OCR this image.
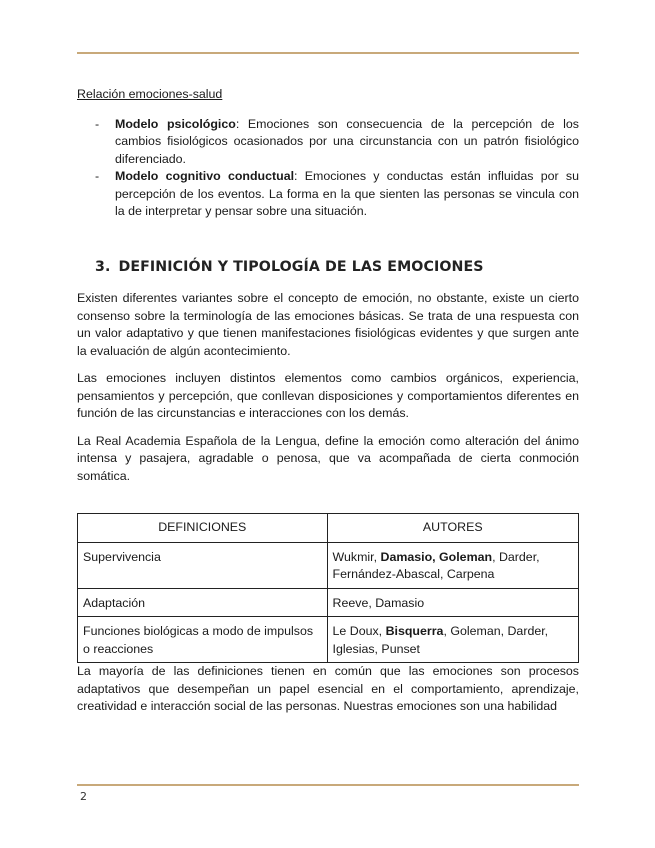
Relación emociones-salud

- Modelo psicológico: Emociones son consecuencia de la percepción de los cambios fisiológicos ocasionados por una circunstancia con un patrón fisiológico diferenciado.
- Modelo cognitivo conductual: Emociones y conductas están influidas por su percepción de los eventos. La forma en la que sienten las personas se vincula con la de interpretar y pensar sobre una situación.
3. DEFINICIÓN Y TIPOLOGÍA DE LAS EMOCIONES

Existen diferentes variantes sobre el concepto de emoción, no obstante, existe un cierto consenso sobre la terminología de las emociones básicas. Se trata de una respuesta con un valor adaptativo y que tienen manifestaciones fisiológicas evidentes y que surgen ante la evaluación de algún acontecimiento.

Las emociones incluyen distintos elementos como cambios orgánicos, experiencia, pensamientos y percepción, que conllevan disposiciones y comportamientos diferentes en función de las circunstancias e interacciones con los demás.

La Real Academia Española de la Lengua, define la emoción como alteración del ánimo intensa y pasajera, agradable o penosa, que va acompañada de cierta conmoción somática.

DEFINICIONES	AUTORES
Supervivencia	Wukmir, Damasio, Goleman, Darder, Fernández-Abascal, Carpena
Adaptación	Reeve, Damasio
Funciones biológicas a modo de impulsos o reacciones	Le Doux, Bisquerra, Goleman, Darder, Iglesias, Punset

La mayoría de las definiciones tienen en común que las emociones son procesos adaptativos que desempeñan un papel esencial en el comportamiento, aprendizaje, creatividad e interacción social de las personas. Nuestras emociones son una habilidad

2
